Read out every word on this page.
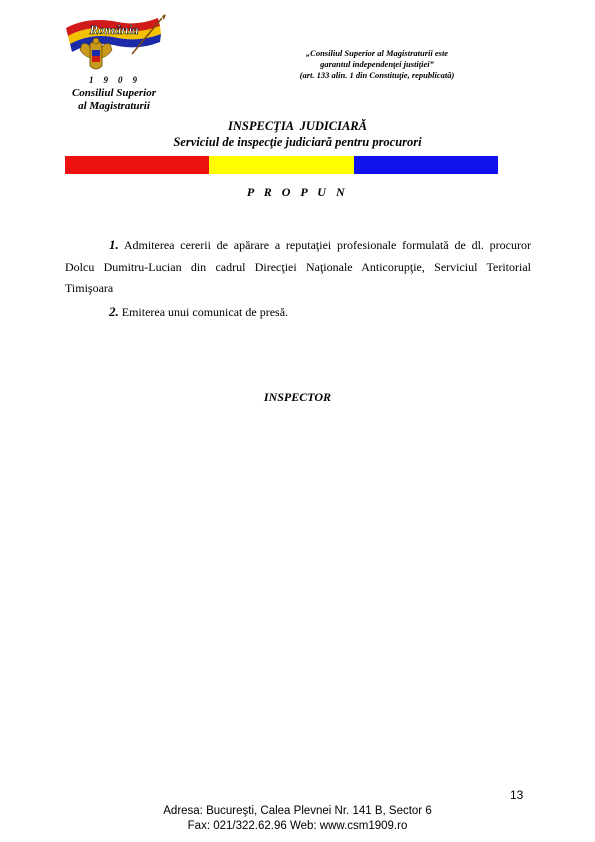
România
1909
Consiliul Superior
al Magistraturii
„Consiliul Superior al Magistraturii este
garantul independenţei justiţiei”
(art. 133 alin. 1 din Constituţie, republicată)
INSPECŢIA  JUDICIARĂ
Serviciul de inspecţie judiciară pentru procurori
P R O P U N
1. Admiterea cererii de apărare a reputaţiei profesionale formulată de dl. procuror Dolcu Dumitru-Lucian din cadrul Direcţiei Naţionale Anticorupţie, Serviciul Teritorial Timişoara
2. Emiterea unui comunicat de presă.
INSPECTOR
13
Adresa: Bucureşti, Calea Plevnei Nr. 141 B, Sector 6
Fax: 021/322.62.96 Web: www.csm1909.ro
